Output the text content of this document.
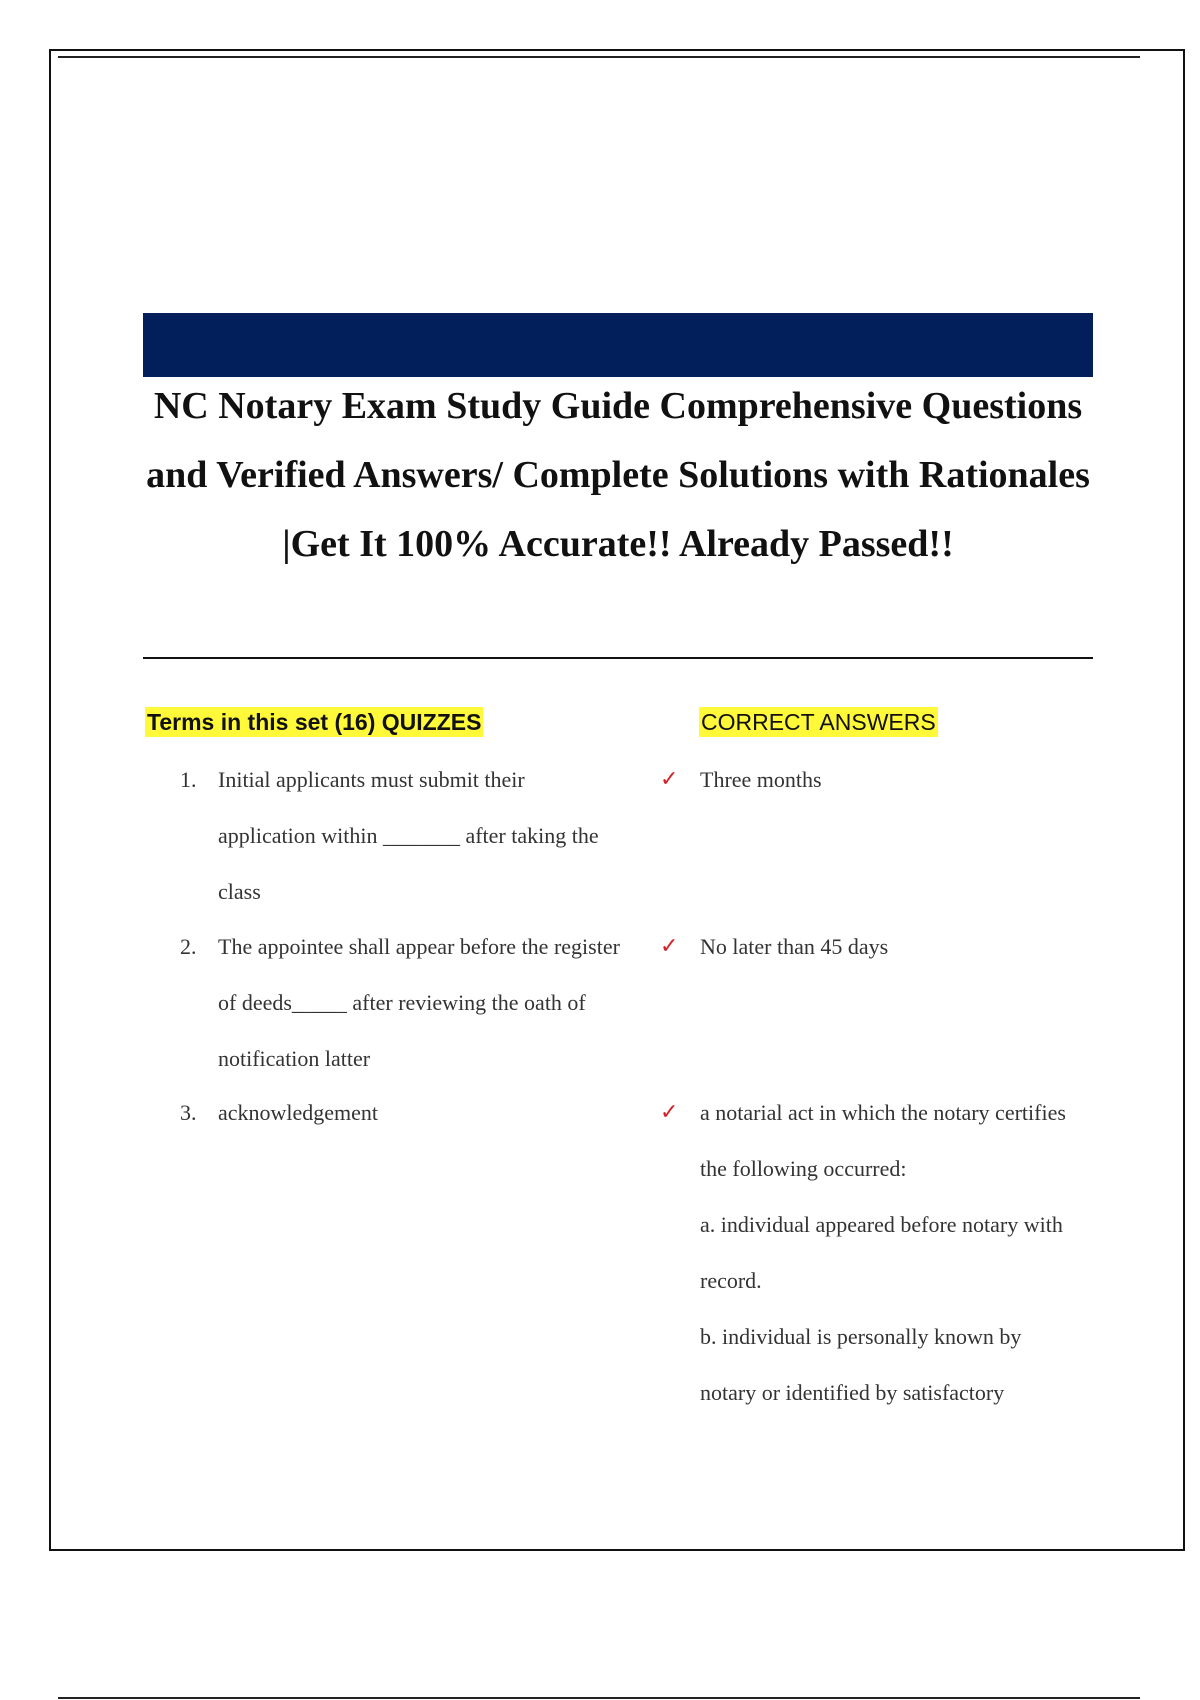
NC Notary Exam Study Guide Comprehensive Questions and Verified Answers/ Complete Solutions with Rationales |Get It 100% Accurate!! Already Passed!!
Terms in this set (16) QUIZZES	CORRECT ANSWERS
1. Initial applicants must submit their application within _______ after taking the class
✓ Three months
2. The appointee shall appear before the register of deeds_____ after reviewing the oath of notification latter
✓ No later than 45 days
3. acknowledgement	✓ a notarial act in which the notary certifies the following occurred:
a. individual appeared before notary with record.
b. individual is personally known by notary or identified by satisfactory
